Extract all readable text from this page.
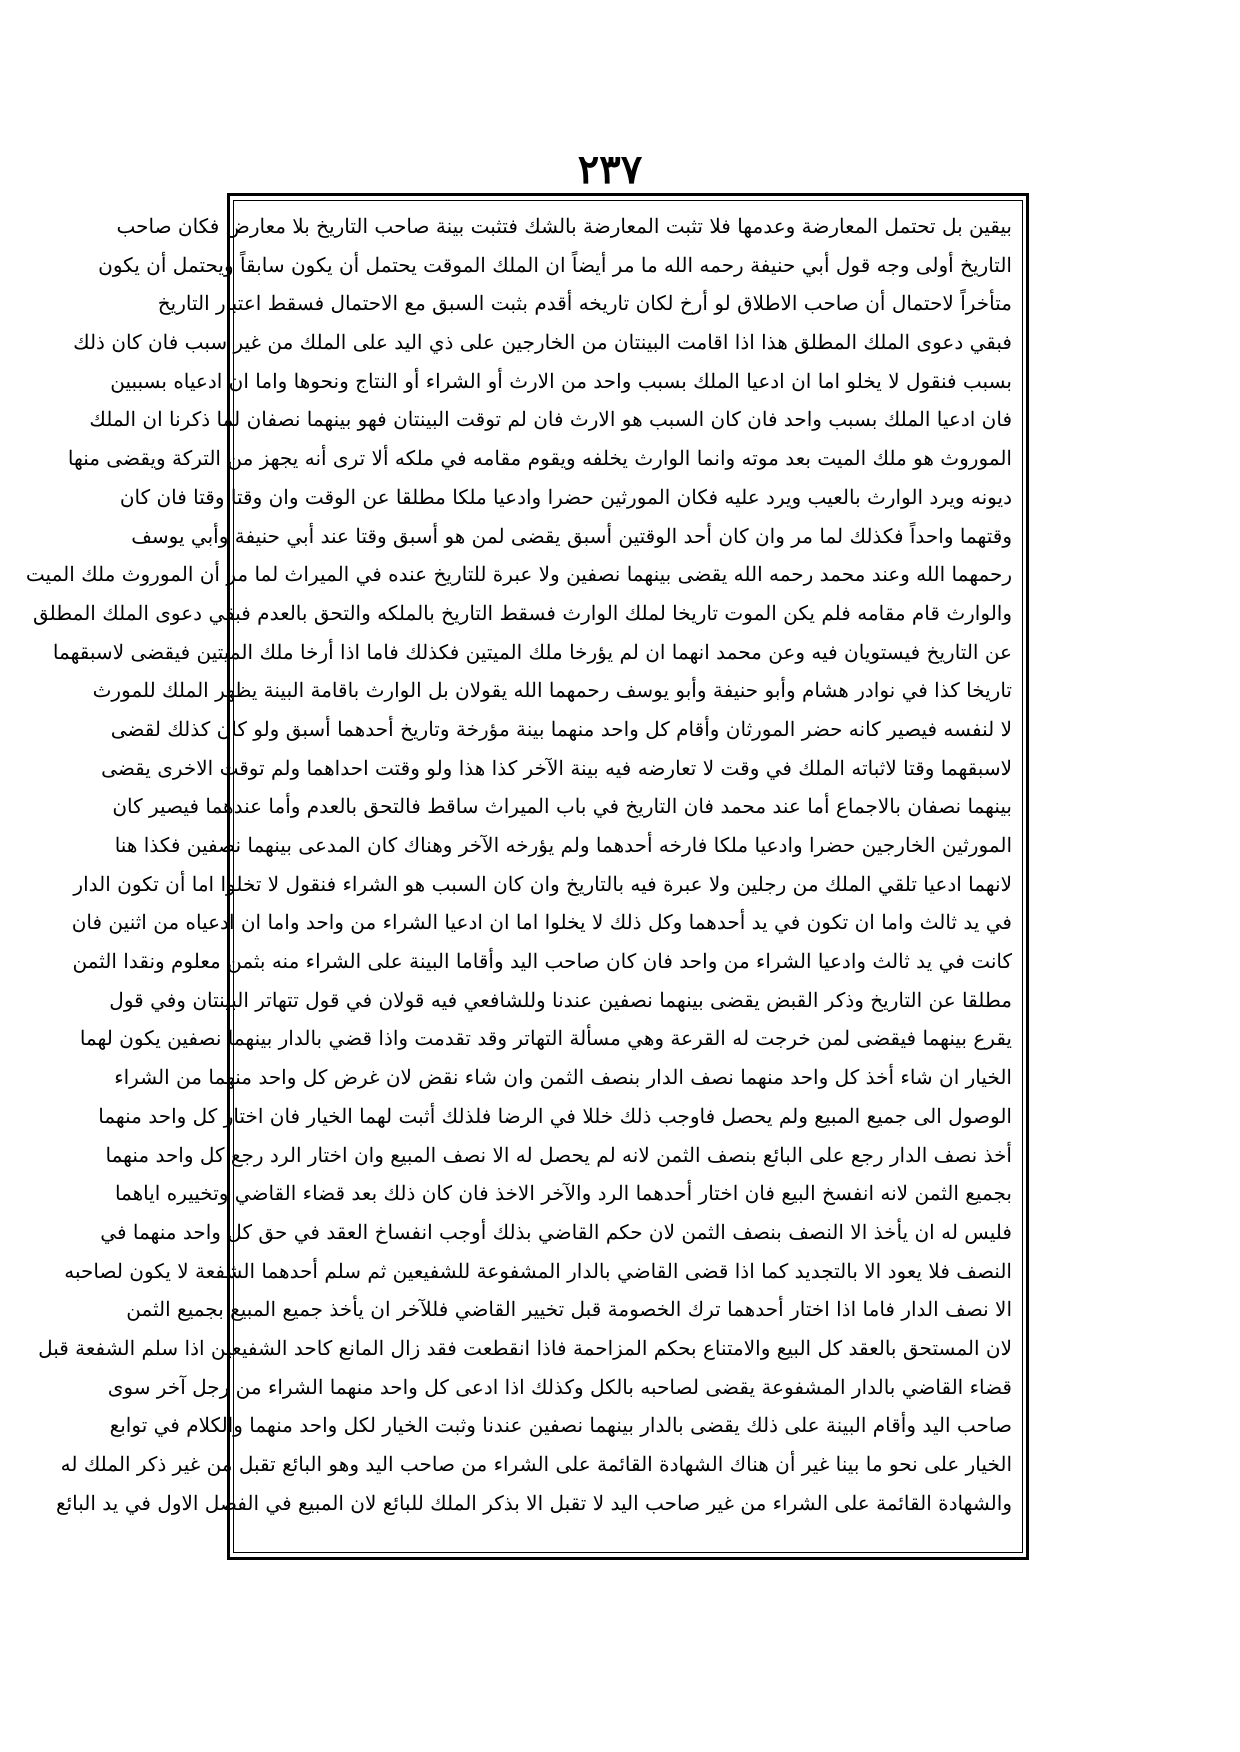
٢٣٧
بيقين بل تحتمل المعارضة وعدمها فلا تثبت المعارضة بالشك فتثبت بينة صاحب التاريخ بلا معارض فكان صاحب
التاريخ أولى وجه قول أبي حنيفة رحمه الله ما مر أيضاً ان الملك الموقت يحتمل أن يكون سابقاً ويحتمل أن يكون
متأخراً لاحتمال أن صاحب الاطلاق لو أرخ لكان تاريخه أقدم بثبت السبق مع الاحتمال فسقط اعتبار التاريخ
فبقي دعوى الملك المطلق هذا اذا اقامت البينتان من الخارجين على ذي اليد على الملك من غير سبب فان كان ذلك
بسبب فنقول لا يخلو اما ان ادعيا الملك بسبب واحد من الارث أو الشراء أو النتاج ونحوها واما ان ادعياه بسببين
فان ادعيا الملك بسبب واحد فان كان السبب هو الارث فان لم توقت البينتان فهو بينهما نصفان لما ذكرنا ان الملك
الموروث هو ملك الميت بعد موته وانما الوارث يخلفه ويقوم مقامه في ملكه ألا ترى أنه يجهز من التركة ويقضى منها
ديونه ويرد الوارث بالعيب ويرد عليه فكان المورثين حضرا وادعيا ملكا مطلقا عن الوقت وان وقتا وقتا فان كان
وقتهما واحداً فكذلك لما مر وان كان أحد الوقتين أسبق يقضى لمن هو أسبق وقتا عند أبي حنيفة وأبي يوسف
رحمهما الله وعند محمد رحمه الله يقضى بينهما نصفين ولا عبرة للتاريخ عنده في الميراث لما مر أن الموروث ملك الميت
والوارث قام مقامه فلم يكن الموت تاريخا لملك الوارث فسقط التاريخ بالملكه والتحق بالعدم فبقي دعوى الملك المطلق
عن التاريخ فيستويان فيه وعن محمد انهما ان لم يؤرخا ملك الميتين فكذلك فاما اذا أرخا ملك الميتين فيقضى لاسبقهما
تاريخا كذا في نوادر هشام وأبو حنيفة وأبو يوسف رحمهما الله يقولان بل الوارث باقامة البينة يظهر الملك للمورث
لا لنفسه فيصير كانه حضر المورثان وأقام كل واحد منهما بينة مؤرخة وتاريخ أحدهما أسبق ولو كان كذلك لقضى
لاسبقهما وقتا لاثباته الملك في وقت لا تعارضه فيه بينة الآخر كذا هذا ولو وقتت احداهما ولم توقت الاخرى يقضى
بينهما نصفان بالاجماع أما عند محمد فان التاريخ في باب الميراث ساقط فالتحق بالعدم وأما عندهما فيصير كان
المورثين الخارجين حضرا وادعيا ملكا فارخه أحدهما ولم يؤرخه الآخر وهناك كان المدعى بينهما نصفين فكذا هنا
لانهما ادعيا تلقي الملك من رجلين ولا عبرة فيه بالتاريخ وان كان السبب هو الشراء فنقول لا تخلوا اما أن تكون الدار
في يد ثالث واما ان تكون في يد أحدهما وكل ذلك لا يخلوا اما ان ادعيا الشراء من واحد واما ان ادعياه من اثنين فان
كانت في يد ثالث وادعيا الشراء من واحد فان كان صاحب اليد وأقاما البينة على الشراء منه بثمن معلوم ونقدا الثمن
مطلقا عن التاريخ وذكر القبض يقضى بينهما نصفين عندنا وللشافعي فيه قولان في قول تتهاتر البينتان وفي قول
يقرع بينهما فيقضى لمن خرجت له القرعة وهي مسألة التهاتر وقد تقدمت واذا قضي بالدار بينهما نصفين يكون لهما
الخيار ان شاء أخذ كل واحد منهما نصف الدار بنصف الثمن وان شاء نقض لان غرض كل واحد منهما من الشراء
الوصول الى جميع المبيع ولم يحصل فاوجب ذلك خللا في الرضا فلذلك أثبت لهما الخيار فان اختار كل واحد منهما
أخذ نصف الدار رجع على البائع بنصف الثمن لانه لم يحصل له الا نصف المبيع وان اختار الرد رجع كل واحد منهما
بجميع الثمن لانه انفسخ البيع فان اختار أحدهما الرد والآخر الاخذ فان كان ذلك بعد قضاء القاضي وتخييره اياهما
فليس له ان يأخذ الا النصف بنصف الثمن لان حكم القاضي بذلك أوجب انفساخ العقد في حق كل واحد منهما في
النصف فلا يعود الا بالتجديد كما اذا قضى القاضي بالدار المشفوعة للشفيعين ثم سلم أحدهما الشفعة لا يكون لصاحبه
الا نصف الدار فاما اذا اختار أحدهما ترك الخصومة قبل تخيير القاضي فللآخر ان يأخذ جميع المبيع بجميع الثمن
لان المستحق بالعقد كل البيع والامتناع بحكم المزاحمة فاذا انقطعت فقد زال المانع كاحد الشفيعين اذا سلم الشفعة قبل
قضاء القاضي بالدار المشفوعة يقضى لصاحبه بالكل وكذلك اذا ادعى كل واحد منهما الشراء من رجل آخر سوى
صاحب اليد وأقام البينة على ذلك يقضى بالدار بينهما نصفين عندنا وثبت الخيار لكل واحد منهما والكلام في توابع
الخيار على نحو ما بينا غير أن هناك الشهادة القائمة على الشراء من صاحب اليد وهو البائع تقبل من غير ذكر الملك له
والشهادة القائمة على الشراء من غير صاحب اليد لا تقبل الا بذكر الملك للبائع لان المبيع في الفصل الاول في يد البائع
